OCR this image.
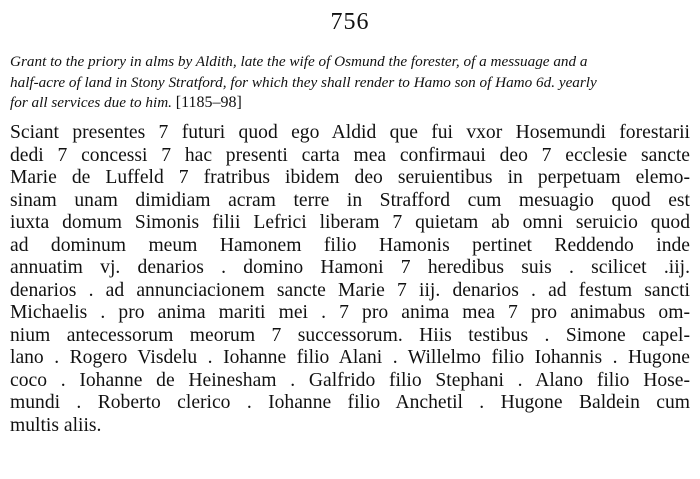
756
Grant to the priory in alms by Aldith, late the wife of Osmund the forester, of a messuage and a
half-acre of land in Stony Stratford, for which they shall render to Hamo son of Hamo 6d. yearly
for all services due to him. [1185–98]
Sciant presentes 7 futuri quod ego Aldid que fui vxor Hosemundi forestarii
dedi 7 concessi 7 hac presenti carta mea confirmaui deo 7 ecclesie sancte
Marie de Luffeld 7 fratribus ibidem deo seruientibus in perpetuam elemo-
sinam unam dimidiam acram terre in Strafford cum mesuagio quod est
iuxta domum Simonis filii Lefrici liberam 7 quietam ab omni seruicio quod
ad dominum meum Hamonem filio Hamonis pertinet Reddendo inde
annuatim vj. denarios . domino Hamoni 7 heredibus suis . scilicet .iij.
denarios . ad annunciacionem sancte Marie 7 iij. denarios . ad festum sancti
Michaelis . pro anima mariti mei . 7 pro anima mea 7 pro animabus om-
nium antecessorum meorum 7 successorum. Hiis testibus . Simone capel-
lano . Rogero Visdelu . Iohanne filio Alani . Willelmo filio Iohannis . Hugone
coco . Iohanne de Heinesham . Galfrido filio Stephani . Alano filio Hose-
mundi . Roberto clerico . Iohanne filio Anchetil . Hugone Baldein cum
multis aliis.
